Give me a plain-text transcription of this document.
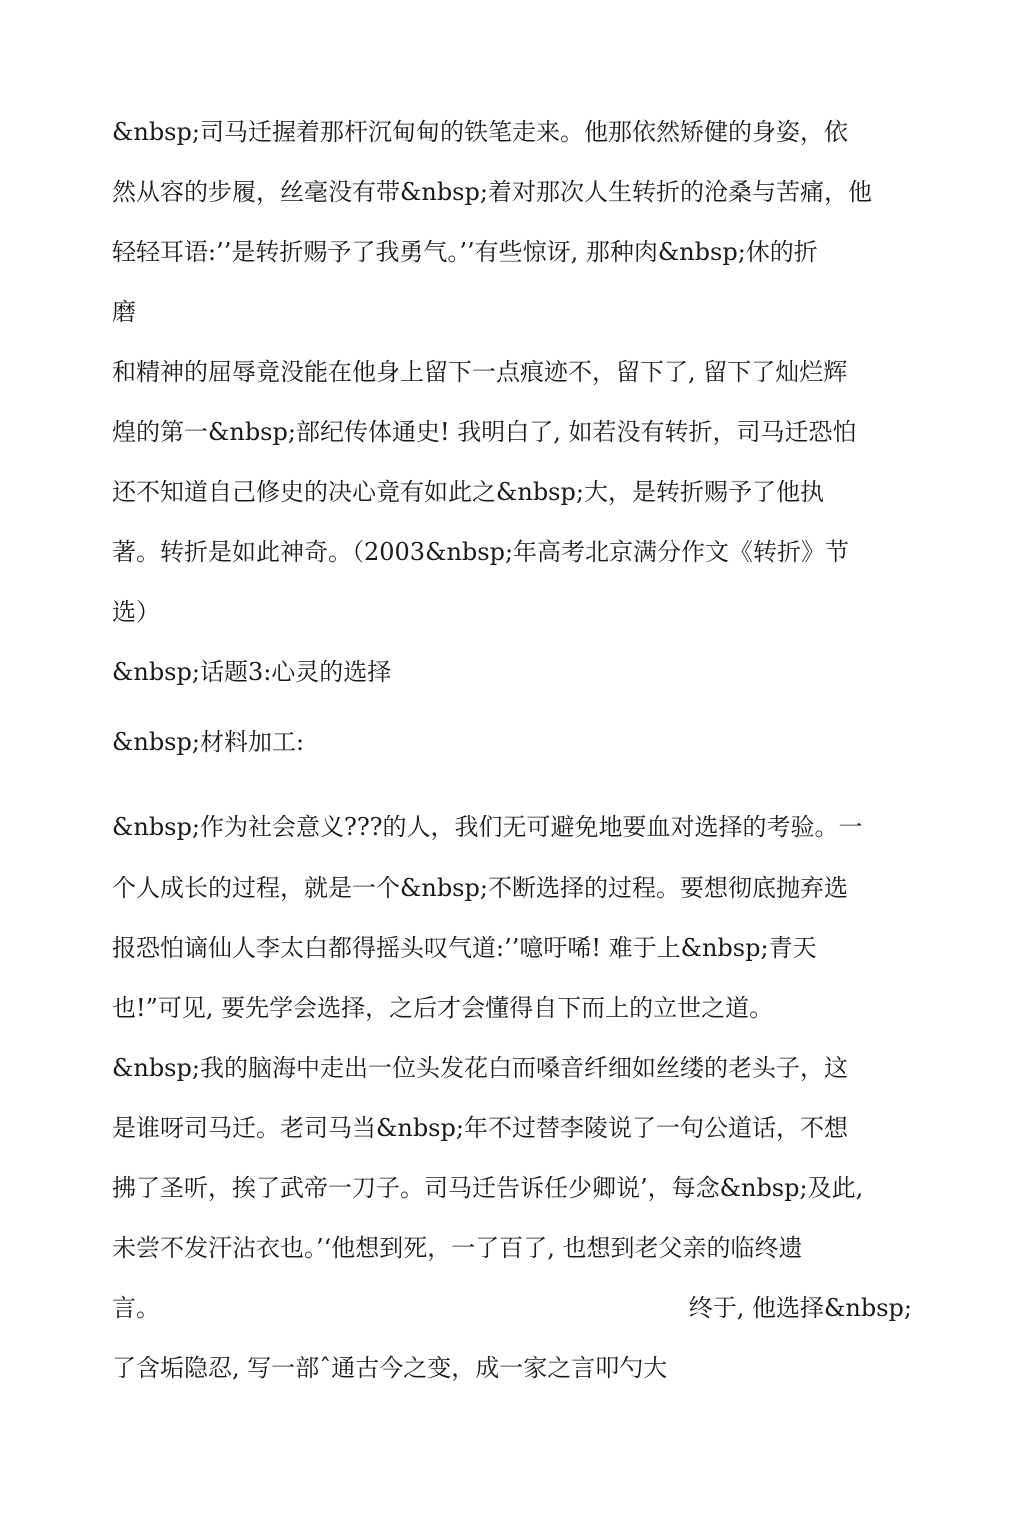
&nbsp;司马迁握着那杆沉甸甸的铁笔走来。他那依然矫健的身姿，依
然从容的步履，丝毫没有带&nbsp;着对那次人生转折的沧桑与苦痛，他
轻轻耳语:’’是转折赐予了我勇气。’’有些惊讶, 那种肉&nbsp;休的折
磨
和精神的屈辱竟没能在他身上留下一点痕迹不，留下了, 留下了灿烂辉
煌的第一&nbsp;部纪传体通史! 我明白了, 如若没有转折，司马迁恐怕
还不知道自己修史的决心竟有如此之&nbsp;大，是转折赐予了他执
著。转折是如此神奇。（2003&nbsp;年高考北京满分作文《转折》节
选）
&nbsp;话题3:心灵的选择
&nbsp;材料加工:
&nbsp;作为社会意义???的人，我们无可避免地要血对选择的考验。一
个人成长的过程，就是一个&nbsp;不断选择的过程。要想彻底抛弃选
报恐怕谪仙人李太白都得摇头叹气道:’’噫吁唏! 难于上&nbsp;青天
也!”可见, 要先学会选择，之后才会懂得自下而上的立世之道。
&nbsp;我的脑海中走出一位头发花白而嗓音纤细如丝缕的老头子，这
是谁呀司马迁。老司马当&nbsp;年不过替李陵说了一句公道话，不想
拂了圣听，挨了武帝一刀子。司马迁告诉任少卿说’，每念&nbsp;及此,
未尝不发汗沾衣也。’‘他想到死，一了百了, 也想到老父亲的临终遗
言。	终于, 他选择&nbsp;
了含垢隐忍, 写一部ˆ通古今之变，成一家之言叩勺大
